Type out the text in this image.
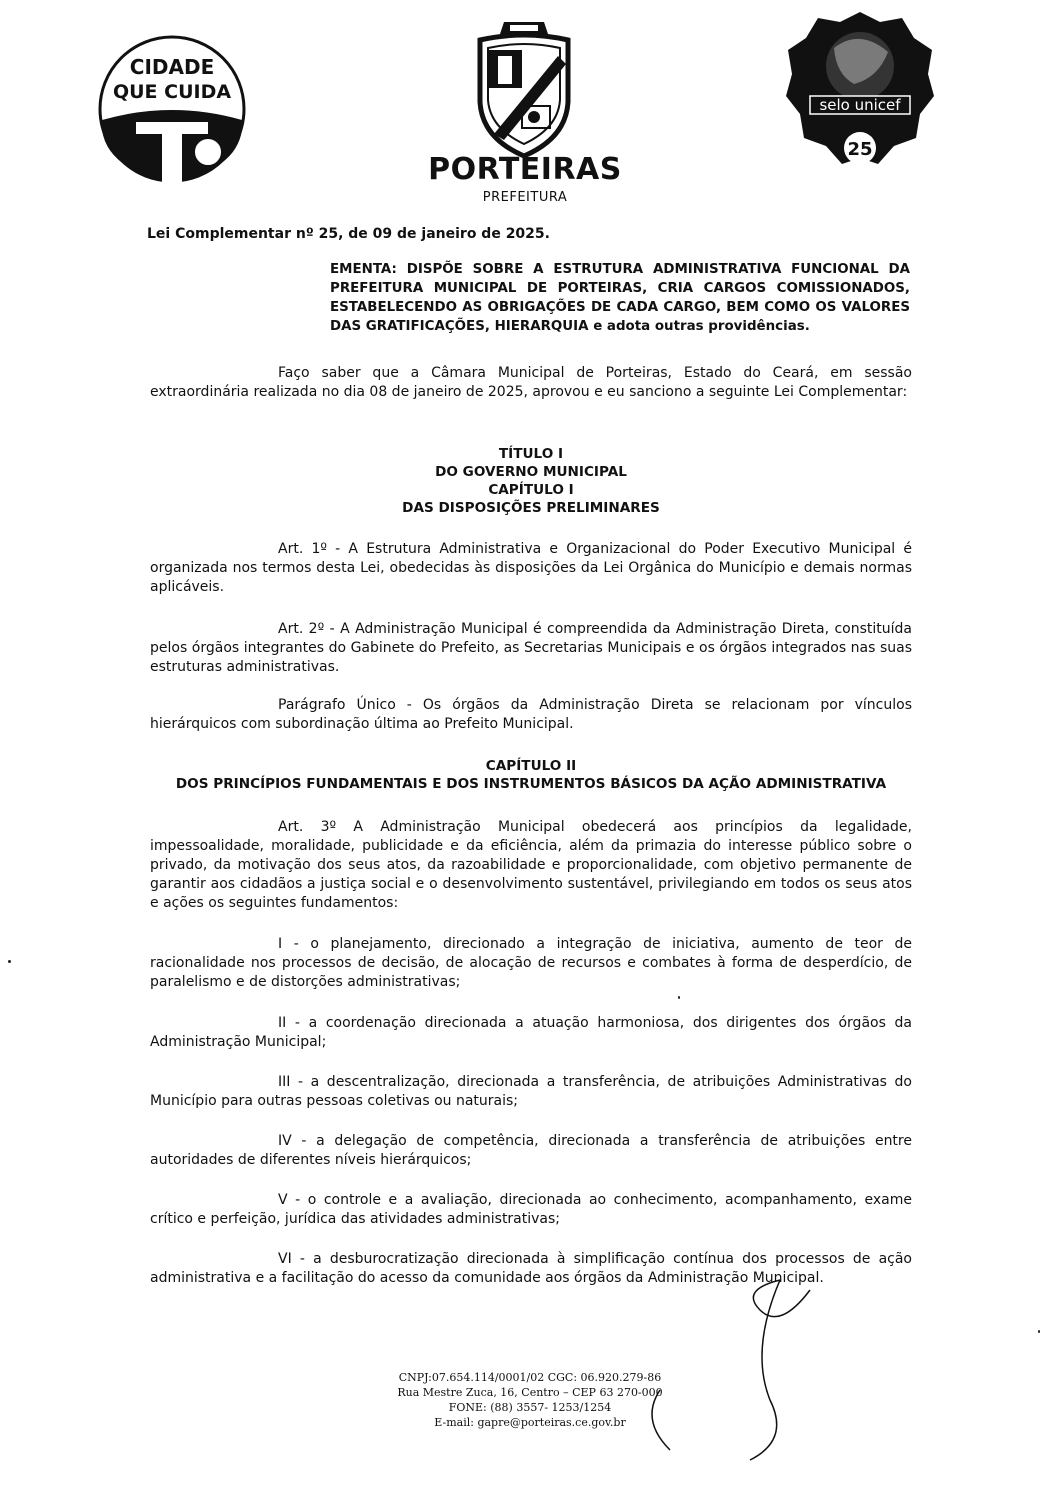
CIDADE
QUE CUIDA
PORTEIRAS
PREFEITURA
selo unicef
25
Lei Complementar nº 25, de 09 de janeiro de 2025.
EMENTA: DISPÕE SOBRE A ESTRUTURA ADMINISTRATIVA FUNCIONAL DA PREFEITURA MUNICIPAL DE PORTEIRAS, CRIA CARGOS COMISSIONADOS, ESTABELECENDO AS OBRIGAÇÕES DE CADA CARGO, BEM COMO OS VALORES DAS GRATIFICAÇÕES, HIERARQUIA e adota outras providências.

Faço saber que a Câmara Municipal de Porteiras, Estado do Ceará, em sessão extraordinária realizada no dia 08 de janeiro de 2025, aprovou e eu sanciono a seguinte Lei Complementar:

TÍTULO I
DO GOVERNO MUNICIPAL
CAPÍTULO I
DAS DISPOSIÇÕES PRELIMINARES

Art. 1º - A Estrutura Administrativa e Organizacional do Poder Executivo Municipal é organizada nos termos desta Lei, obedecidas às disposições da Lei Orgânica do Município e demais normas aplicáveis.

Art. 2º - A Administração Municipal é compreendida da Administração Direta, constituída pelos órgãos integrantes do Gabinete do Prefeito, as Secretarias Municipais e os órgãos integrados nas suas estruturas administrativas.

Parágrafo Único - Os órgãos da Administração Direta se relacionam por vínculos hierárquicos com subordinação última ao Prefeito Municipal.

CAPÍTULO II
DOS PRINCÍPIOS FUNDAMENTAIS E DOS INSTRUMENTOS BÁSICOS DA AÇÃO ADMINISTRATIVA

Art. 3º A Administração Municipal obedecerá aos princípios da legalidade, impessoalidade, moralidade, publicidade e da eficiência, além da primazia do interesse público sobre o privado, da motivação dos seus atos, da razoabilidade e proporcionalidade, com objetivo permanente de garantir aos cidadãos a justiça social e o desenvolvimento sustentável, privilegiando em todos os seus atos e ações os seguintes fundamentos:

I - o planejamento, direcionado a integração de iniciativa, aumento de teor de racionalidade nos processos de decisão, de alocação de recursos e combates à forma de desperdício, de paralelismo e de distorções administrativas;

II - a coordenação direcionada a atuação harmoniosa, dos dirigentes dos órgãos da Administração Municipal;

III - a descentralização, direcionada a transferência, de atribuições Administrativas do Município para outras pessoas coletivas ou naturais;

IV - a delegação de competência, direcionada a transferência de atribuições entre autoridades de diferentes níveis hierárquicos;

V - o controle e a avaliação, direcionada ao conhecimento, acompanhamento, exame crítico e perfeição, jurídica das atividades administrativas;

VI - a desburocratização direcionada à simplificação contínua dos processos de ação administrativa e a facilitação do acesso da comunidade aos órgãos da Administração Municipal.

CNPJ:07.654.114/0001/02 CGC: 06.920.279-86
Rua Mestre Zuca, 16, Centro – CEP 63 270-000
FONE: (88) 3557- 1253/1254
E-mail: gapre@porteiras.ce.gov.br
